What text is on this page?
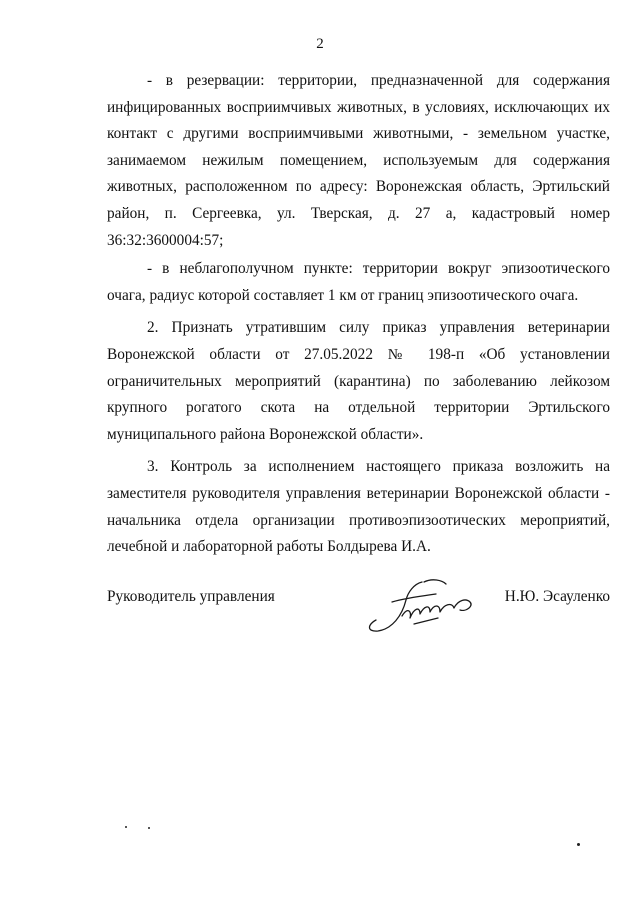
2

- в резервации: территории, предназначенной для содержания инфицированных восприимчивых животных, в условиях, исключающих их контакт с другими восприимчивыми животными, - земельном участке, занимаемом нежилым помещением, используемым для содержания животных, расположенном по адресу: Воронежская область, Эртильский район, п. Сергеевка, ул. Тверская, д. 27 а, кадастровый номер 36:32:3600004:57;

- в неблагополучном пункте: территории вокруг эпизоотического очага, радиус которой составляет 1 км от границ эпизоотического очага.

2. Признать утратившим силу приказ управления ветеринарии Воронежской области от 27.05.2022 № 198-п «Об установлении ограничительных мероприятий (карантина) по заболеванию лейкозом крупного рогатого скота на отдельной территории Эртильского муниципального района Воронежской области».

3. Контроль за исполнением настоящего приказа возложить на заместителя руководителя управления ветеринарии Воронежской области - начальника отдела организации противоэпизоотических мероприятий, лечебной и лабораторной работы Болдырева И.А.

Руководитель управления	Н.Ю. Эсауленко
